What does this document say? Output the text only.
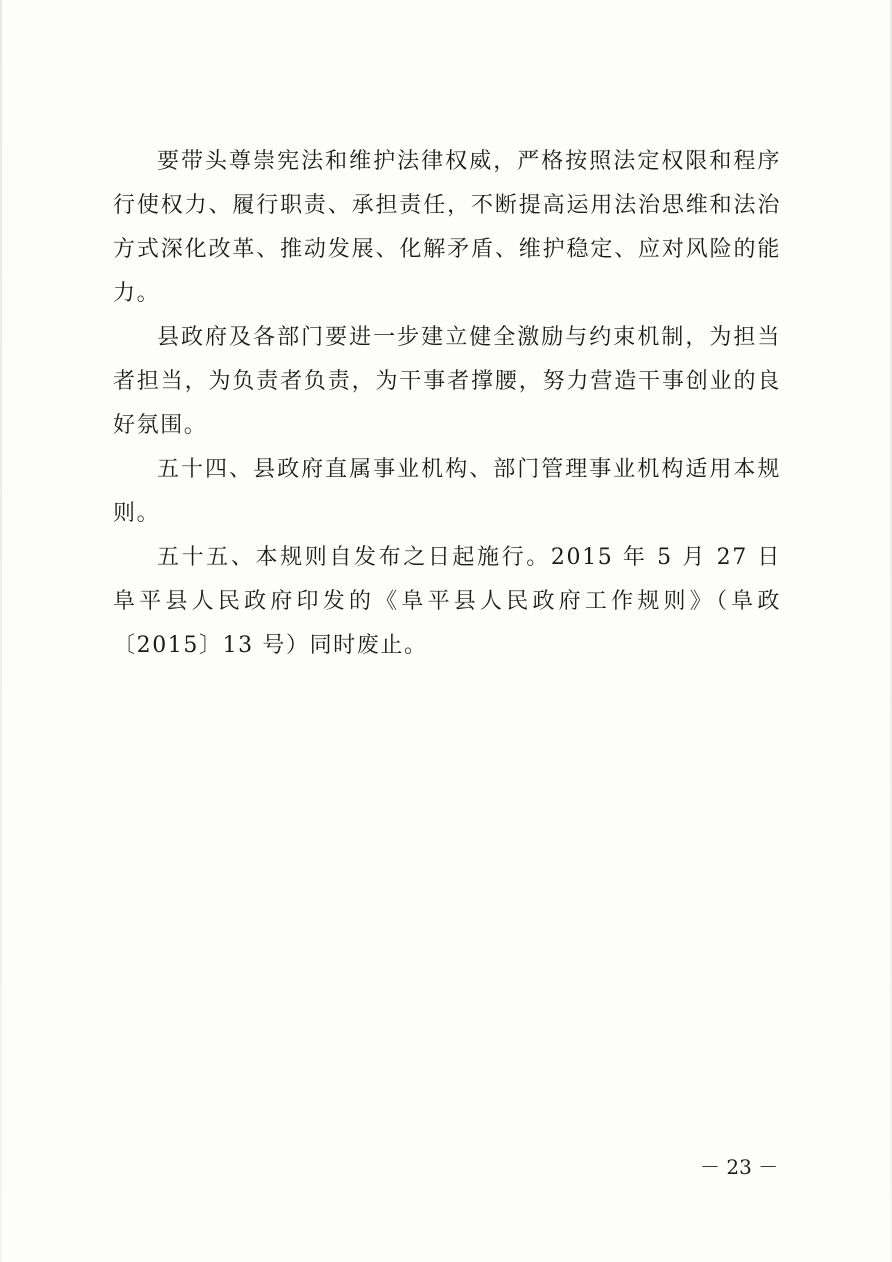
要带头尊崇宪法和维护法律权威，严格按照法定权限和程序行使权力、履行职责、承担责任，不断提高运用法治思维和法治方式深化改革、推动发展、化解矛盾、维护稳定、应对风险的能力。

县政府及各部门要进一步建立健全激励与约束机制，为担当者担当，为负责者负责，为干事者撑腰，努力营造干事创业的良好氛围。

五十四、县政府直属事业机构、部门管理事业机构适用本规则。

五十五、本规则自发布之日起施行。2015 年 5 月 27 日阜平县人民政府印发的《阜平县人民政府工作规则》（阜政〔2015〕13 号）同时废止。

－ 23 －
